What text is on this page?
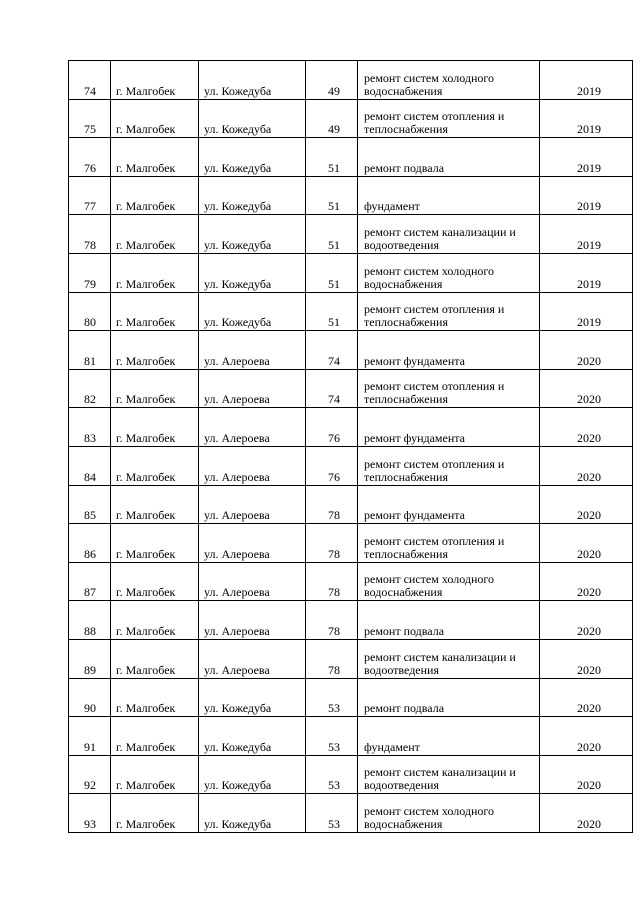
74	г. Малгобек	ул. Кожедуба	49	ремонт систем холодного водоснабжения	2019
75	г. Малгобек	ул. Кожедуба	49	ремонт систем отопления и теплоснабжения	2019
76	г. Малгобек	ул. Кожедуба	51	ремонт подвала	2019
77	г. Малгобек	ул. Кожедуба	51	фундамент	2019
78	г. Малгобек	ул. Кожедуба	51	ремонт систем канализации и водоотведения	2019
79	г. Малгобек	ул. Кожедуба	51	ремонт систем холодного водоснабжения	2019
80	г. Малгобек	ул. Кожедуба	51	ремонт систем отопления и теплоснабжения	2019
81	г. Малгобек	ул. Алероева	74	ремонт фундамента	2020
82	г. Малгобек	ул. Алероева	74	ремонт систем отопления и теплоснабжения	2020
83	г. Малгобек	ул. Алероева	76	ремонт фундамента	2020
84	г. Малгобек	ул. Алероева	76	ремонт систем отопления и теплоснабжения	2020
85	г. Малгобек	ул. Алероева	78	ремонт фундамента	2020
86	г. Малгобек	ул. Алероева	78	ремонт систем отопления и теплоснабжения	2020
87	г. Малгобек	ул. Алероева	78	ремонт систем холодного водоснабжения	2020
88	г. Малгобек	ул. Алероева	78	ремонт подвала	2020
89	г. Малгобек	ул. Алероева	78	ремонт систем канализации и водоотведения	2020
90	г. Малгобек	ул. Кожедуба	53	ремонт подвала	2020
91	г. Малгобек	ул. Кожедуба	53	фундамент	2020
92	г. Малгобек	ул. Кожедуба	53	ремонт систем канализации и водоотведения	2020
93	г. Малгобек	ул. Кожедуба	53	ремонт систем холодного водоснабжения	2020
